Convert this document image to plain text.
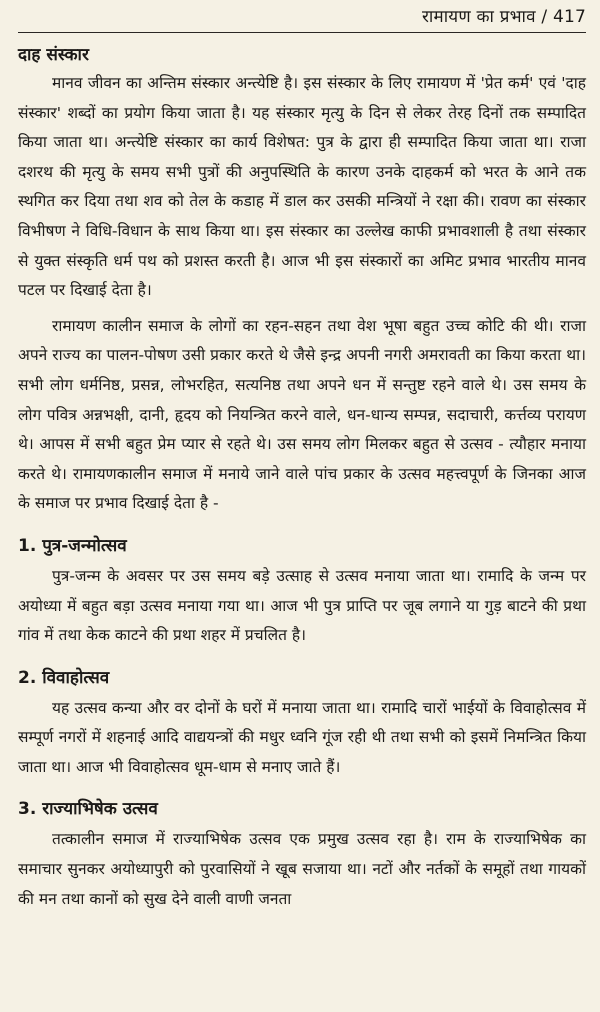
रामायण का प्रभाव / 417
दाह संस्कार

मानव जीवन का अन्तिम संस्कार अन्त्येष्टि है। इस संस्कार के लिए रामायण में 'प्रेत कर्म' एवं 'दाह संस्कार' शब्दों का प्रयोग किया जाता है। यह संस्कार मृत्यु के दिन से लेकर तेरह दिनों तक सम्पादित किया जाता था। अन्त्येष्टि संस्कार का कार्य विशेषत: पुत्र के द्वारा ही सम्पादित किया जाता था। राजा दशरथ की मृत्यु के समय सभी पुत्रों की अनुपस्थिति के कारण उनके दाहकर्म को भरत के आने तक स्थगित कर दिया तथा शव को तेल के कडाह में डाल कर उसकी मन्त्रियों ने रक्षा की। रावण का संस्कार विभीषण ने विधि-विधान के साथ किया था। इस संस्कार का उल्लेख काफी प्रभावशाली है तथा संस्कार से युक्त संस्कृति धर्म पथ को प्रशस्त करती है। आज भी इस संस्कारों का अमिट प्रभाव भारतीय मानव पटल पर दिखाई देता है।

रामायण कालीन समाज के लोगों का रहन-सहन तथा वेश भूषा बहुत उच्च कोटि की थी। राजा अपने राज्य का पालन-पोषण उसी प्रकार करते थे जैसे इन्द्र अपनी नगरी अमरावती का किया करता था। सभी लोग धर्मनिष्ठ, प्रसन्न, लोभरहित, सत्यनिष्ठ तथा अपने धन में सन्तुष्ट रहने वाले थे। उस समय के लोग पवित्र अन्नभक्षी, दानी, हृदय को नियन्त्रित करने वाले, धन-धान्य सम्पन्न, सदाचारी, कर्त्तव्य परायण थे। आपस में सभी बहुत प्रेम प्यार से रहते थे। उस समय लोग मिलकर बहुत से उत्सव - त्यौहार मनाया करते थे। रामायणकालीन समाज में मनाये जाने वाले पांच प्रकार के उत्सव महत्त्वपूर्ण के जिनका आज के समाज पर प्रभाव दिखाई देता है -

1. पुत्र-जन्मोत्सव

पुत्र-जन्म के अवसर पर उस समय बड़े उत्साह से उत्सव मनाया जाता था। रामादि के जन्म पर अयोध्या में बहुत बड़ा उत्सव मनाया गया था। आज भी पुत्र प्राप्ति पर जूब लगाने या गुड़ बाटने की प्रथा गांव में तथा केक काटने की प्रथा शहर में प्रचलित है।

2. विवाहोत्सव

यह उत्सव कन्या और वर दोनों के घरों में मनाया जाता था। रामादि चारों भाईयों के विवाहोत्सव में सम्पूर्ण नगरों में शहनाई आदि वाद्ययन्त्रों की मधुर ध्वनि गूंज रही थी तथा सभी को इसमें निमन्त्रित किया जाता था। आज भी विवाहोत्सव धूम-धाम से मनाए जाते हैं।

3. राज्याभिषेक उत्सव

तत्कालीन समाज में राज्याभिषेक उत्सव एक प्रमुख उत्सव रहा है। राम के राज्याभिषेक का समाचार सुनकर अयोध्यापुरी को पुरवासियों ने खूब सजाया था। नटों और नर्तकों के समूहों तथा गायकों की मन तथा कानों को सुख देने वाली वाणी जनता
